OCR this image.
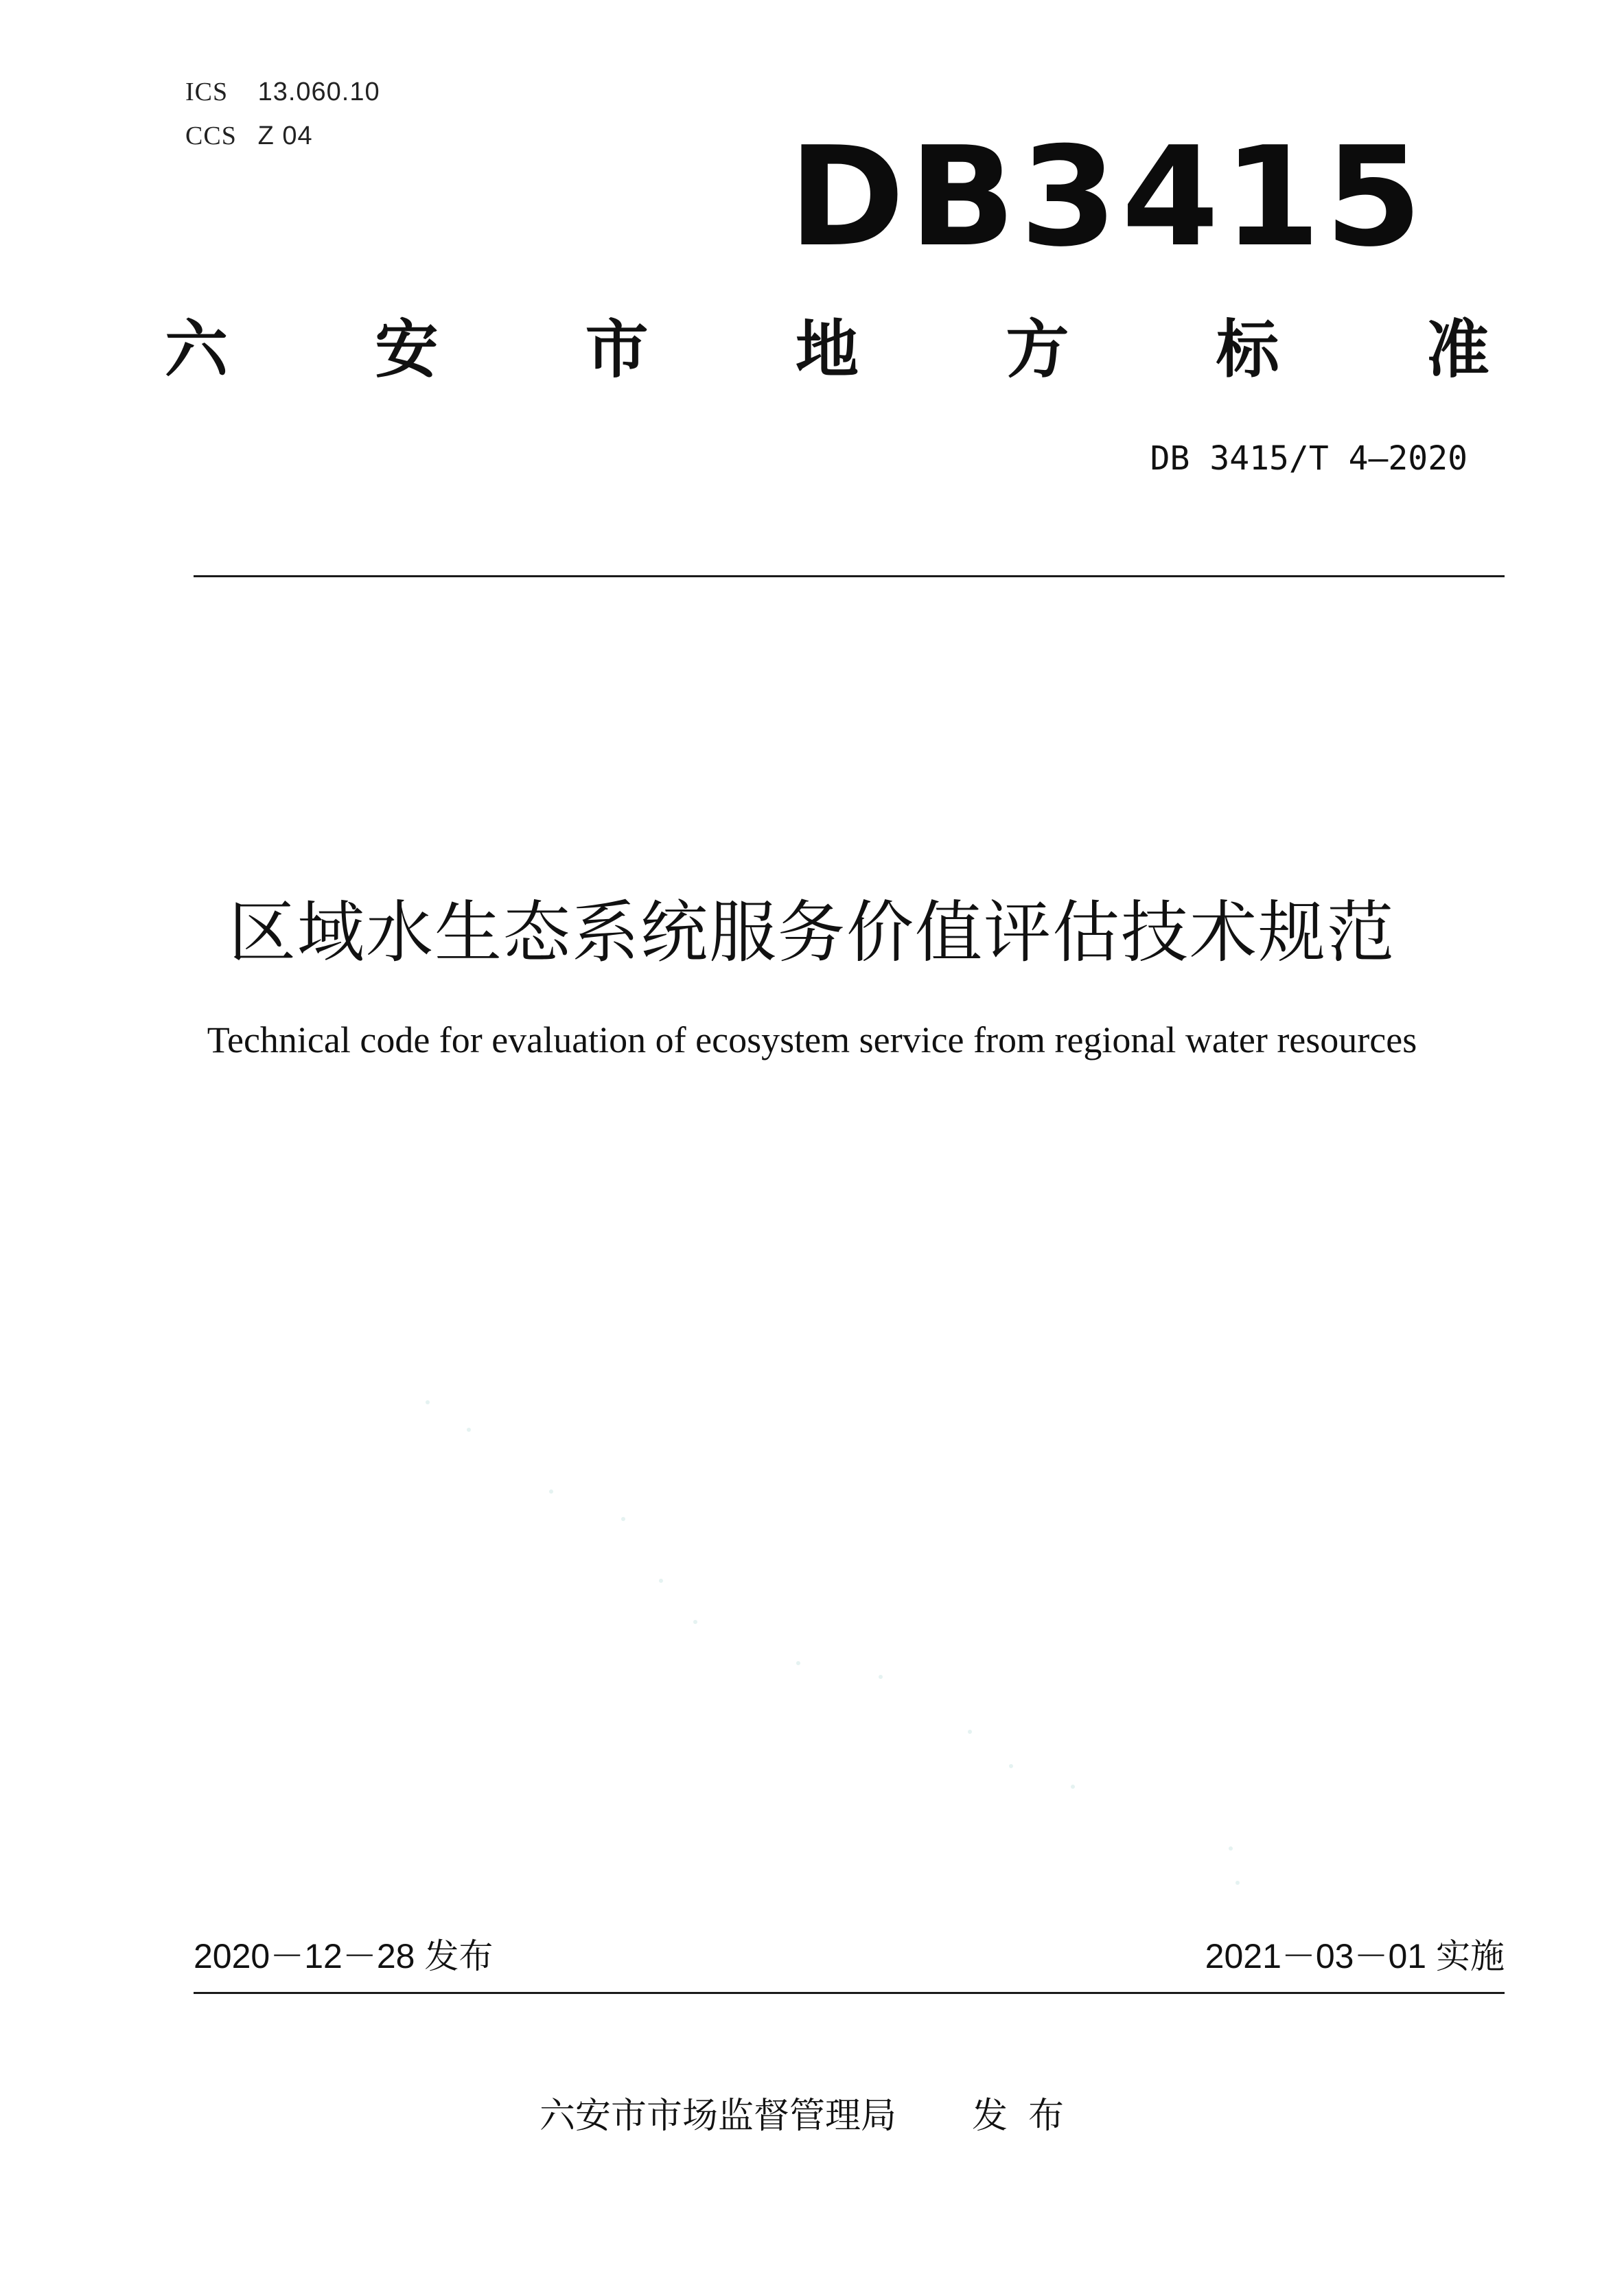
ICS 13.060.10
CCS Z 04	DB3415
六 安 市 地 方 标 准
DB 3415/T 4—2020
区域水生态系统服务价值评估技术规范
Technical code for evaluation of ecosystem service from regional water resources
2020－12－28 发布	2021－03－01 实施
六安市市场监督管理局 发布
